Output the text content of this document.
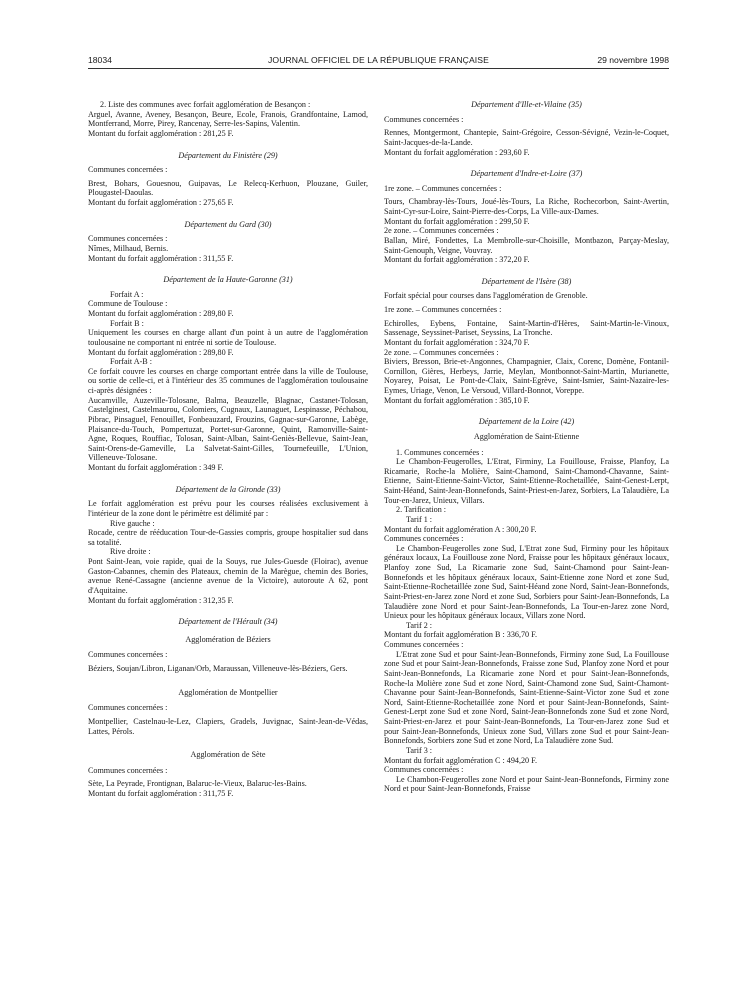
18034	JOURNAL OFFICIEL DE LA RÉPUBLIQUE FRANÇAISE	29 novembre 1998

2. Liste des communes avec forfait agglomération de Besançon :

Arguel, Avanne, Aveney, Besançon, Beure, Ecole, Franois, Grandfontaine, Lamod, Montferrand, Morre, Pirey, Rancenay, Serre-les-Sapins, Valentin.

Montant du forfait agglomération : 281,25 F.

Département du Finistère (29)

Communes concernées :

Brest, Bohars, Gouesnou, Guipavas, Le Relecq-Kerhuon, Plouzane, Guiler, Plougastel-Daoulas.

Montant du forfait agglomération : 275,65 F.

Département du Gard (30)

Communes concernées :

Nîmes, Milhaud, Bernis.

Montant du forfait agglomération : 311,55 F.

Département de la Haute-Garonne (31)

Forfait A :

Commune de Toulouse :

Montant du forfait agglomération : 289,80 F.

Forfait B :

Uniquement les courses en charge allant d'un point à un autre de l'agglomération toulousaine ne comportant ni entrée ni sortie de Toulouse.

Montant du forfait agglomération : 289,80 F.

Forfait A-B :

Ce forfait couvre les courses en charge comportant entrée dans la ville de Toulouse, ou sortie de celle-ci, et à l'intérieur des 35 communes de l'agglomération toulousaine ci-après désignées :

Aucamville, Auzeville-Tolosane, Balma, Beauzelle, Blagnac, Castanet-Tolosan, Castelginest, Castelmaurou, Colomiers, Cugnaux, Launaguet, Lespinasse, Péchabou, Pibrac, Pinsaguel, Fenouillet, Fonbeauzard, Frouzins, Gagnac-sur-Garonne, Labège, Plaisance-du-Touch, Pompertuzat, Portet-sur-Garonne, Quint, Ramonville-Saint-Agne, Roques, Rouffiac, Tolosan, Saint-Alban, Saint-Geniès-Bellevue, Saint-Jean, Saint-Orens-de-Gameville, La Salvetat-Saint-Gilles, Tournefeuille, L'Union, Villeneuve-Tolosane.

Montant du forfait agglomération : 349 F.

Département de la Gironde (33)

Le forfait agglomération est prévu pour les courses réalisées exclusivement à l'intérieur de la zone dont le périmètre est délimité par :

Rive gauche :

Rocade, centre de rééducation Tour-de-Gassies compris, groupe hospitalier sud dans sa totalité.

Rive droite :

Pont Saint-Jean, voie rapide, quai de la Souys, rue Jules-Guesde (Floirac), avenue Gaston-Cabannes, chemin des Plateaux, chemin de la Marègue, chemin des Bories, avenue René-Cassagne (ancienne avenue de la Victoire), autoroute A 62, pont d'Aquitaine.

Montant du forfait agglomération : 312,35 F.

Département de l'Hérault (34)

Agglomération de Béziers

Communes concernées :

Béziers, Soujan/Libron, Liganan/Orb, Maraussan, Villeneuve-lès-Béziers, Gers.

Agglomération de Montpellier

Communes concernées :

Montpellier, Castelnau-le-Lez, Clapiers, Gradels, Juvignac, Saint-Jean-de-Védas, Lattes, Pérols.

Agglomération de Sète

Communes concernées :

Sète, La Peyrade, Frontignan, Balaruc-le-Vieux, Balaruc-les-Bains.

Montant du forfait agglomération : 311,75 F.

Département d'Ille-et-Vilaine (35)

Communes concernées :

Rennes, Montgermont, Chantepie, Saint-Grégoire, Cesson-Sévigné, Vezin-le-Coquet, Saint-Jacques-de-la-Lande.

Montant du forfait agglomération : 293,60 F.

Département d'Indre-et-Loire (37)

1re zone. – Communes concernées :

Tours, Chambray-lès-Tours, Joué-lès-Tours, La Riche, Rochecorbon, Saint-Avertin, Saint-Cyr-sur-Loire, Saint-Pierre-des-Corps, La Ville-aux-Dames.

Montant du forfait agglomération : 299,50 F.

2e zone. – Communes concernées :

Ballan, Miré, Fondettes, La Membrolle-sur-Choisille, Montbazon, Parçay-Meslay, Saint-Genouph, Veigne, Vouvray.

Montant du forfait agglomération : 372,20 F.

Département de l'Isère (38)

Forfait spécial pour courses dans l'agglomération de Grenoble.

1re zone. – Communes concernées :

Echirolles, Eybens, Fontaine, Saint-Martin-d'Hères, Saint-Martin-le-Vinoux, Sassenage, Seyssinet-Pariset, Seyssins, La Tronche.

Montant du forfait agglomération : 324,70 F.

2e zone. – Communes concernées :

Biviers, Bresson, Brie-et-Angonnes, Champagnier, Claix, Corenc, Domène, Fontanil-Cornillon, Gières, Herbeys, Jarrie, Meylan, Montbonnot-Saint-Martin, Murianette, Noyarey, Poisat, Le Pont-de-Claix, Saint-Egrève, Saint-Ismier, Saint-Nazaire-les-Eymes, Uriage, Venon, Le Versoud, Villard-Bonnot, Voreppe.

Montant du forfait agglomération : 385,10 F.

Département de la Loire (42)

Agglomération de Saint-Etienne

1. Communes concernées :

Le Chambon-Feugerolles, L'Etrat, Firminy, La Fouillouse, Fraisse, Planfoy, La Ricamarie, Roche-la Molière, Saint-Chamond, Saint-Chamond-Chavanne, Saint-Etienne, Saint-Etienne-Saint-Victor, Saint-Etienne-Rochetaillée, Saint-Genest-Lerpt, Saint-Héand, Saint-Jean-Bonnefonds, Saint-Priest-en-Jarez, Sorbiers, La Talaudière, La Tour-en-Jarez, Unieux, Villars.

2. Tarification :

Tarif 1 :

Montant du forfait agglomération A : 300,20 F.

Communes concernées :

Le Chambon-Feugerolles zone Sud, L'Etrat zone Sud, Firminy pour les hôpitaux généraux locaux, La Fouillouse zone Nord, Fraisse pour les hôpitaux généraux locaux, Planfoy zone Sud, La Ricamarie zone Sud, Saint-Chamond pour Saint-Jean-Bonnefonds et les hôpitaux généraux locaux, Saint-Etienne zone Nord et zone Sud, Saint-Etienne-Rochetaillée zone Sud, Saint-Héand zone Nord, Saint-Jean-Bonnefonds, Saint-Priest-en-Jarez zone Nord et zone Sud, Sorbiers pour Saint-Jean-Bonnefonds, La Talaudière zone Nord et pour Saint-Jean-Bonnefonds, La Tour-en-Jarez zone Nord, Unieux pour les hôpitaux généraux locaux, Villars zone Nord.

Tarif 2 :

Montant du forfait agglomération B : 336,70 F.

Communes concernées :

L'Etrat zone Sud et pour Saint-Jean-Bonnefonds, Firminy zone Sud, La Fouillouse zone Sud et pour Saint-Jean-Bonnefonds, Fraisse zone Sud, Planfoy zone Nord et pour Saint-Jean-Bonnefonds, La Ricamarie zone Nord et pour Saint-Jean-Bonnefonds, Roche-la Molière zone Sud et zone Nord, Saint-Chamond zone Sud, Saint-Chamont-Chavanne pour Saint-Jean-Bonnefonds, Saint-Etienne-Saint-Victor zone Sud et zone Nord, Saint-Etienne-Rochetaillée zone Nord et pour Saint-Jean-Bonnefonds, Saint-Genest-Lerpt zone Sud et zone Nord, Saint-Jean-Bonnefonds zone Sud et zone Nord, Saint-Priest-en-Jarez et pour Saint-Jean-Bonnefonds, La Tour-en-Jarez zone Sud et pour Saint-Jean-Bonnefonds, Unieux zone Sud, Villars zone Sud et pour Saint-Jean-Bonnefonds, Sorbiers zone Sud et zone Nord, La Talaudière zone Sud.

Tarif 3 :

Montant du forfait agglomération C : 494,20 F.

Communes concernées :

Le Chambon-Feugerolles zone Nord et pour Saint-Jean-Bonnefonds, Firminy zone Nord et pour Saint-Jean-Bonnefonds, Fraisse
